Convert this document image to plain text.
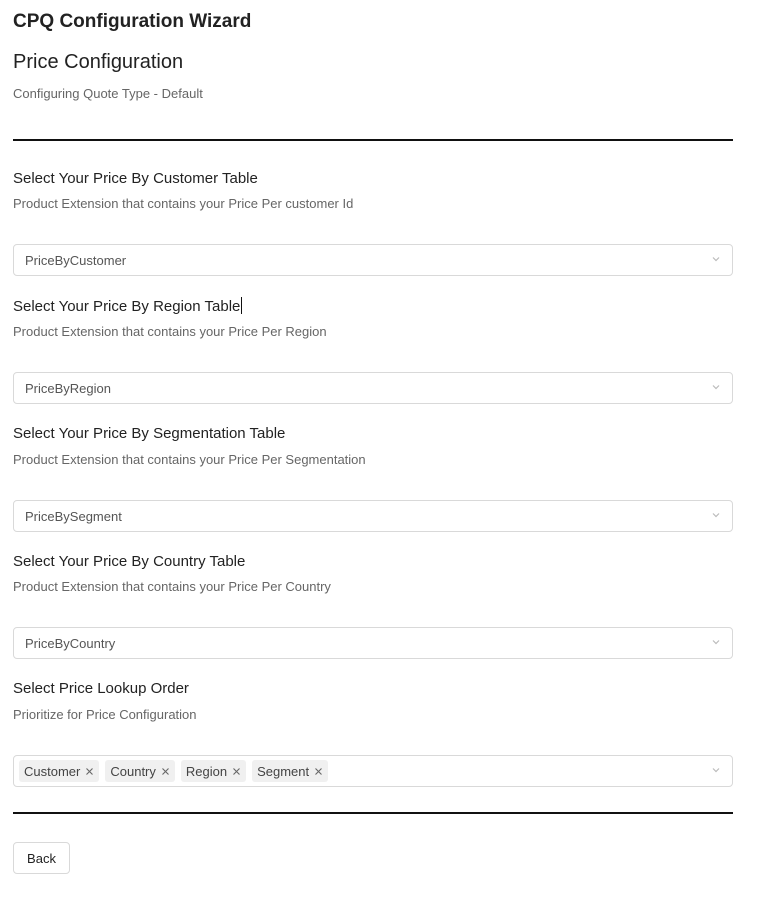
CPQ Configuration Wizard
Price Configuration
Configuring Quote Type - Default
Select Your Price By Customer Table
Product Extension that contains your Price Per customer Id
PriceByCustomer
Select Your Price By Region Table
Product Extension that contains your Price Per Region
PriceByRegion
Select Your Price By Segmentation Table
Product Extension that contains your Price Per Segmentation
PriceBySegment
Select Your Price By Country Table
Product Extension that contains your Price Per Country
PriceByCountry
Select Price Lookup Order
Prioritize for Price Configuration
Customer Country Region Segment
Back
